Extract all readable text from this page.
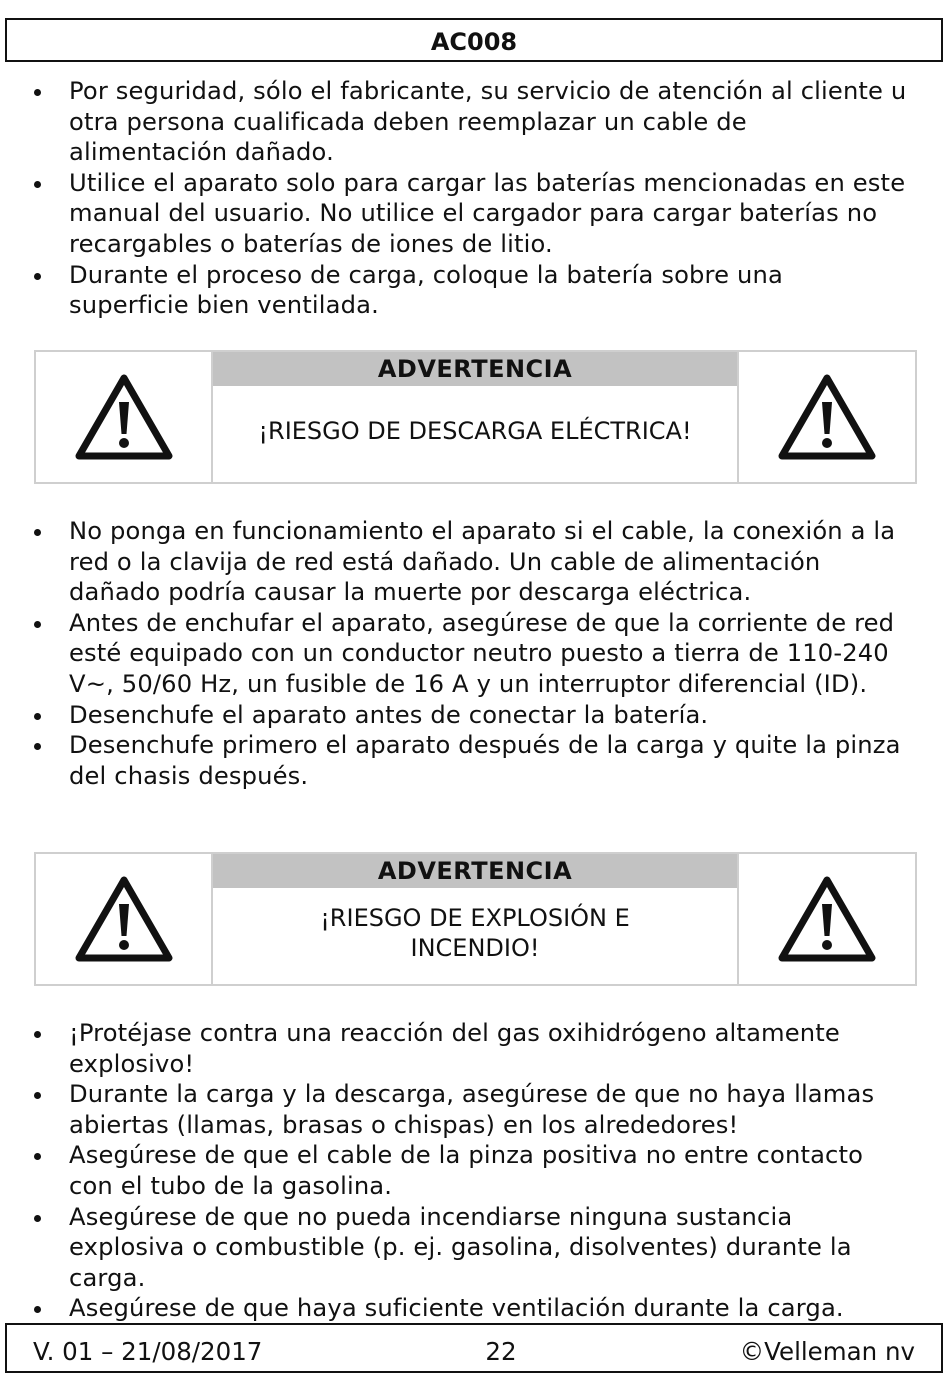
AC008
Por seguridad, sólo el fabricante, su servicio de atención al cliente u otra persona cualificada deben reemplazar un cable de alimentación dañado.
Utilice el aparato solo para cargar las baterías mencionadas en este manual del usuario. No utilice el cargador para cargar baterías no recargables o baterías de iones de litio.
Durante el proceso de carga, coloque la batería sobre una superficie bien ventilada.
ADVERTENCIA
¡RIESGO DE DESCARGA ELÉCTRICA!
No ponga en funcionamiento el aparato si el cable, la conexión a la red o la clavija de red está dañado. Un cable de alimentación dañado podría causar la muerte por descarga eléctrica.
Antes de enchufar el aparato, asegúrese de que la corriente de red esté equipado con un conductor neutro puesto a tierra de 110-240 V~, 50/60 Hz, un fusible de 16 A y un interruptor diferencial (ID).
Desenchufe el aparato antes de conectar la batería.
Desenchufe primero el aparato después de la carga y quite la pinza del chasis después.
ADVERTENCIA
¡RIESGO DE EXPLOSIÓN E INCENDIO!
¡Protéjase contra una reacción del gas oxihidrógeno altamente explosivo!
Durante la carga y la descarga, asegúrese de que no haya llamas abiertas (llamas, brasas o chispas) en los alrededores!
Asegúrese de que el cable de la pinza positiva no entre contacto con el tubo de la gasolina.
Asegúrese de que no pueda incendiarse ninguna sustancia explosiva o combustible (p. ej. gasolina, disolventes) durante la carga.
Asegúrese de que haya suficiente ventilación durante la carga.
V. 01 – 21/08/2017	22	©Velleman nv
